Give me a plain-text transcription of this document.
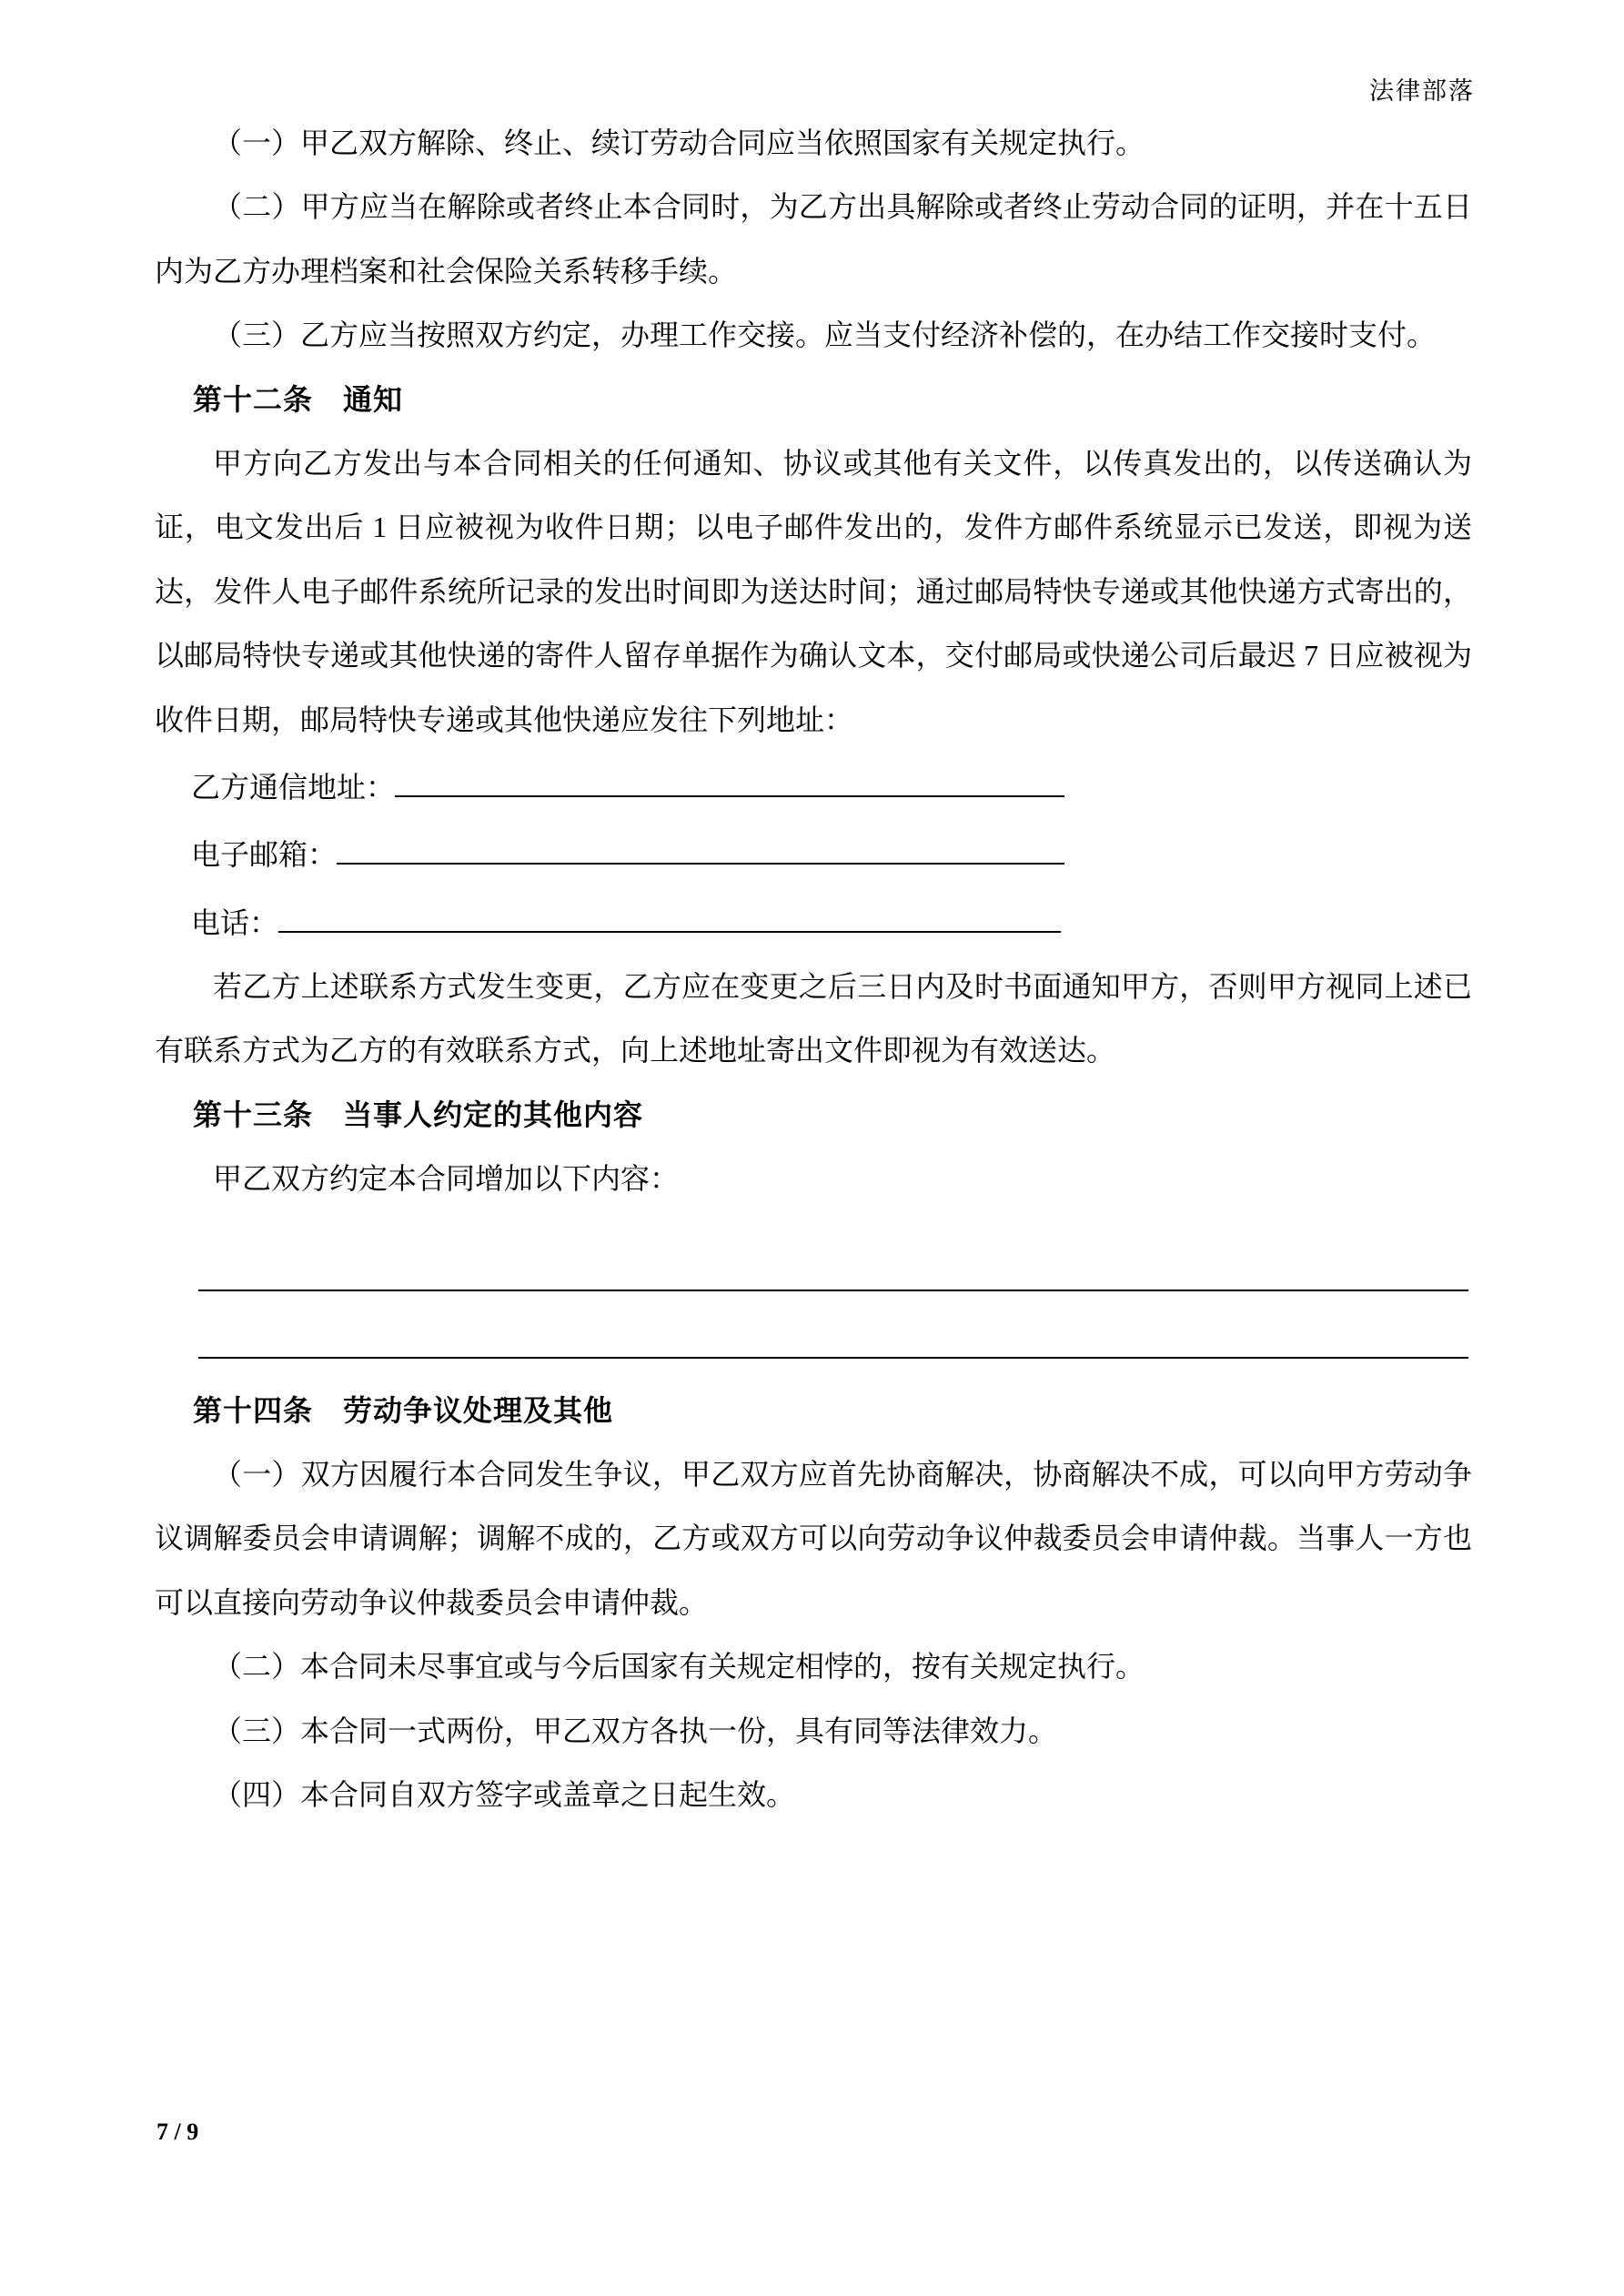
法律部落

（一）甲乙双方解除、终止、续订劳动合同应当依照国家有关规定执行。

（二）甲方应当在解除或者终止本合同时，为乙方出具解除或者终止劳动合同的证明，并在十五日内为乙方办理档案和社会保险关系转移手续。

（三）乙方应当按照双方约定，办理工作交接。应当支付经济补偿的，在办结工作交接时支付。

第十二条　通知

甲方向乙方发出与本合同相关的任何通知、协议或其他有关文件，以传真发出的，以传送确认为证，电文发出后 1 日应被视为收件日期；以电子邮件发出的，发件方邮件系统显示已发送，即视为送达，发件人电子邮件系统所记录的发出时间即为送达时间；通过邮局特快专递或其他快递方式寄出的，以邮局特快专递或其他快递的寄件人留存单据作为确认文本，交付邮局或快递公司后最迟 7 日应被视为收件日期，邮局特快专递或其他快递应发往下列地址：

乙方通信地址：
电子邮箱：
电话：

若乙方上述联系方式发生变更，乙方应在变更之后三日内及时书面通知甲方，否则甲方视同上述已有联系方式为乙方的有效联系方式，向上述地址寄出文件即视为有效送达。

第十三条　当事人约定的其他内容

甲乙双方约定本合同增加以下内容：

第十四条　劳动争议处理及其他

（一）双方因履行本合同发生争议，甲乙双方应首先协商解决，协商解决不成，可以向甲方劳动争议调解委员会申请调解；调解不成的，乙方或双方可以向劳动争议仲裁委员会申请仲裁。当事人一方也可以直接向劳动争议仲裁委员会申请仲裁。

（二）本合同未尽事宜或与今后国家有关规定相悖的，按有关规定执行。

（三）本合同一式两份，甲乙双方各执一份，具有同等法律效力。

（四）本合同自双方签字或盖章之日起生效。

7 / 9
